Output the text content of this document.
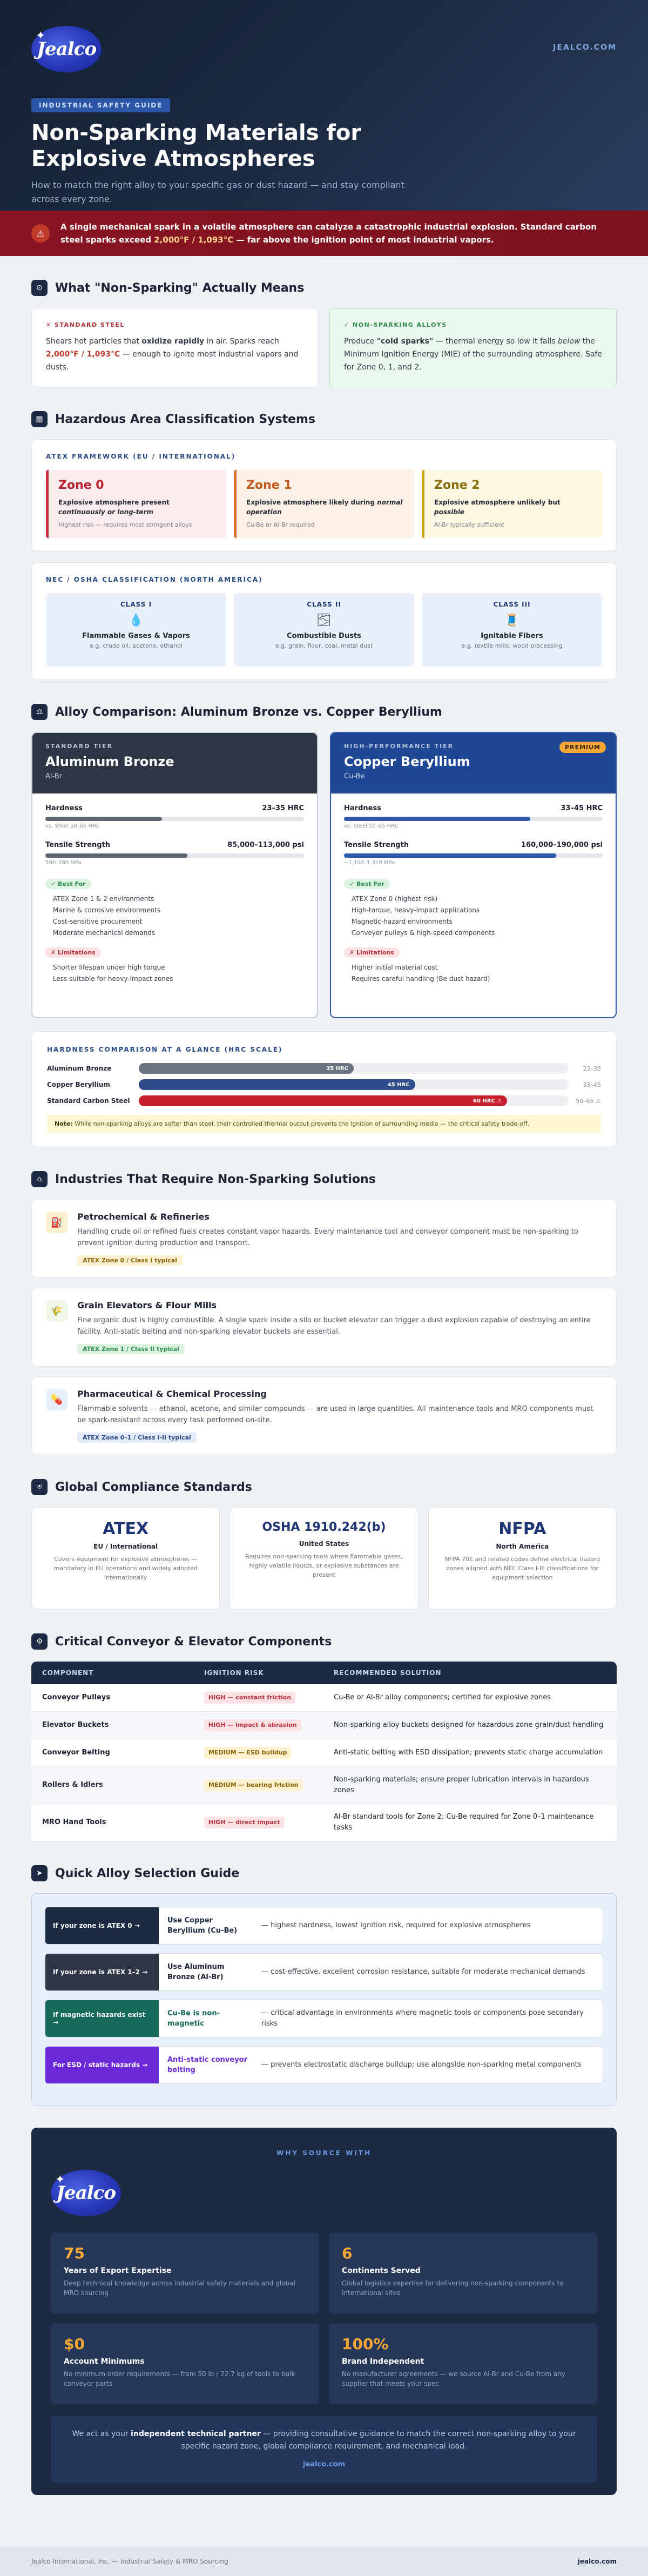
✦
Jealco	JEALCO.COM
INDUSTRIAL SAFETY GUIDE
Non-Sparking Materials for Explosive Atmospheres

How to match the right alloy to your specific gas or dust hazard — and stay compliant across every zone.

⚠
A single mechanical spark in a volatile atmosphere can catalyze a catastrophic industrial explosion. Standard carbon steel sparks exceed 2,000°F / 1,093°C — far above the ignition point of most industrial vapors.
⊙	What "Non-Sparking" Actually Means
✕ STANDARD STEEL
Shears hot particles that oxidize rapidly in air. Sparks reach 2,000°F / 1,093°C — enough to ignite most industrial vapors and dusts.
✓ NON-SPARKING ALLOYS
Produce "cold sparks" — thermal energy so low it falls below the Minimum Ignition Energy (MIE) of the surrounding atmosphere. Safe for Zone 0, 1, and 2.
▦	Hazardous Area Classification Systems
ATEX FRAMEWORK (EU / INTERNATIONAL)
Zone 0
Explosive atmosphere present continuously or long-term
Highest risk — requires most stringent alloys
Zone 1
Explosive atmosphere likely during normal operation
Cu-Be or Al-Br required
Zone 2
Explosive atmosphere unlikely but possible
Al-Br typically sufficient
NEC / OSHA CLASSIFICATION (NORTH AMERICA)
CLASS I
💧
Flammable Gases & Vapors
e.g. crude oil, acetone, ethanol
CLASS II
🌫
Combustible Dusts
e.g. grain, flour, coal, metal dust
CLASS III
🧵
Ignitable Fibers
e.g. textile mills, wood processing
⚖	Alloy Comparison: Aluminum Bronze vs. Copper Beryllium
STANDARD TIER
Aluminum Bronze
Al-Br
Hardness	23–35 HRC
vs. Steel 50–65 HRC
Tensile Strength	85,000–113,000 psi
590–780 MPa
✓ Best For
ATEX Zone 1 & 2 environments
Marine & corrosive environments
Cost-sensitive procurement
Moderate mechanical demands
✗ Limitations
Shorter lifespan under high torque
Less suitable for heavy-impact zones
HIGH-PERFORMANCE TIER	PREMIUM
Copper Beryllium
Cu-Be
Hardness	33–45 HRC
vs. Steel 50–65 HRC
Tensile Strength	160,000–190,000 psi
~1,100–1,310 MPa
✓ Best For
ATEX Zone 0 (highest risk)
High-torque, heavy-impact applications
Magnetic-hazard environments
Conveyor pulleys & high-speed components
✗ Limitations
Higher initial material cost
Requires careful handling (Be dust hazard)
HARDNESS COMPARISON AT A GLANCE (HRC SCALE)
Aluminum Bronze	35 HRC	23–35
Copper Beryllium	45 HRC	33–45
Standard Carbon Steel	60 HRC ⚠	50–65 ⚠
Note: While non-sparking alloys are softer than steel, their controlled thermal output prevents the ignition of surrounding media — the critical safety trade-off.
⌂	Industries That Require Non-Sparking Solutions
⛽	Petrochemical & Refineries
Handling crude oil or refined fuels creates constant vapor hazards. Every maintenance tool and conveyor component must be non-sparking to prevent ignition during production and transport.
ATEX Zone 0 / Class I typical
🌾	Grain Elevators & Flour Mills
Fine organic dust is highly combustible. A single spark inside a silo or bucket elevator can trigger a dust explosion capable of destroying an entire facility. Anti-static belting and non-sparking elevator buckets are essential.
ATEX Zone 1 / Class II typical
💊	Pharmaceutical & Chemical Processing
Flammable solvents — ethanol, acetone, and similar compounds — are used in large quantities. All maintenance tools and MRO components must be spark-resistant across every task performed on-site.
ATEX Zone 0–1 / Class I-II typical
⛨	Global Compliance Standards
ATEX
EU / International
Covers equipment for explosive atmospheres — mandatory in EU operations and widely adopted internationally
OSHA 1910.242(b)
United States
Requires non-sparking tools where flammable gases, highly volatile liquids, or explosive substances are present
NFPA
North America
NFPA 70E and related codes define electrical hazard zones aligned with NEC Class I-III classifications for equipment selection
⚙	Critical Conveyor & Elevator Components
COMPONENT	IGNITION RISK	RECOMMENDED SOLUTION
Conveyor Pulleys	HIGH — constant friction	Cu-Be or Al-Br alloy components; certified for explosive zones
Elevator Buckets	HIGH — impact & abrasion	Non-sparking alloy buckets designed for hazardous zone grain/dust handling
Conveyor Belting	MEDIUM — ESD buildup	Anti-static belting with ESD dissipation; prevents static charge accumulation
Rollers & Idlers	MEDIUM — bearing friction	Non-sparking materials; ensure proper lubrication intervals in hazardous zones
MRO Hand Tools	HIGH — direct impact	Al-Br standard tools for Zone 2; Cu-Be required for Zone 0–1 maintenance tasks
➤	Quick Alloy Selection Guide
If your zone is ATEX 0 →
Use Copper Beryllium (Cu-Be)
— highest hardness, lowest ignition risk, required for explosive atmospheres
If your zone is ATEX 1–2 →
Use Aluminum Bronze (Al-Br)
— cost-effective, excellent corrosion resistance, suitable for moderate mechanical demands
If magnetic hazards exist →
Cu-Be is non-magnetic
— critical advantage in environments where magnetic tools or components pose secondary risks
For ESD / static hazards →
Anti-static conveyor belting
— prevents electrostatic discharge buildup; use alongside non-sparking metal components
WHY SOURCE WITH
✦
Jealco
75
Years of Export Expertise
Deep technical knowledge across industrial safety materials and global MRO sourcing
6
Continents Served
Global logistics expertise for delivering non-sparking components to international sites
$0
Account Minimums
No minimum order requirements — from 50 lb / 22.7 kg of tools to bulk conveyor parts
100%
Brand Independent
No manufacturer agreements — we source Al-Br and Cu-Be from any supplier that meets your spec
We act as your independent technical partner — providing consultative guidance to match the correct non-sparking alloy to your specific hazard zone, global compliance requirement, and mechanical load.
jealco.com
Jealco International, Inc. — Industrial Safety & MRO Sourcing	jealco.com
